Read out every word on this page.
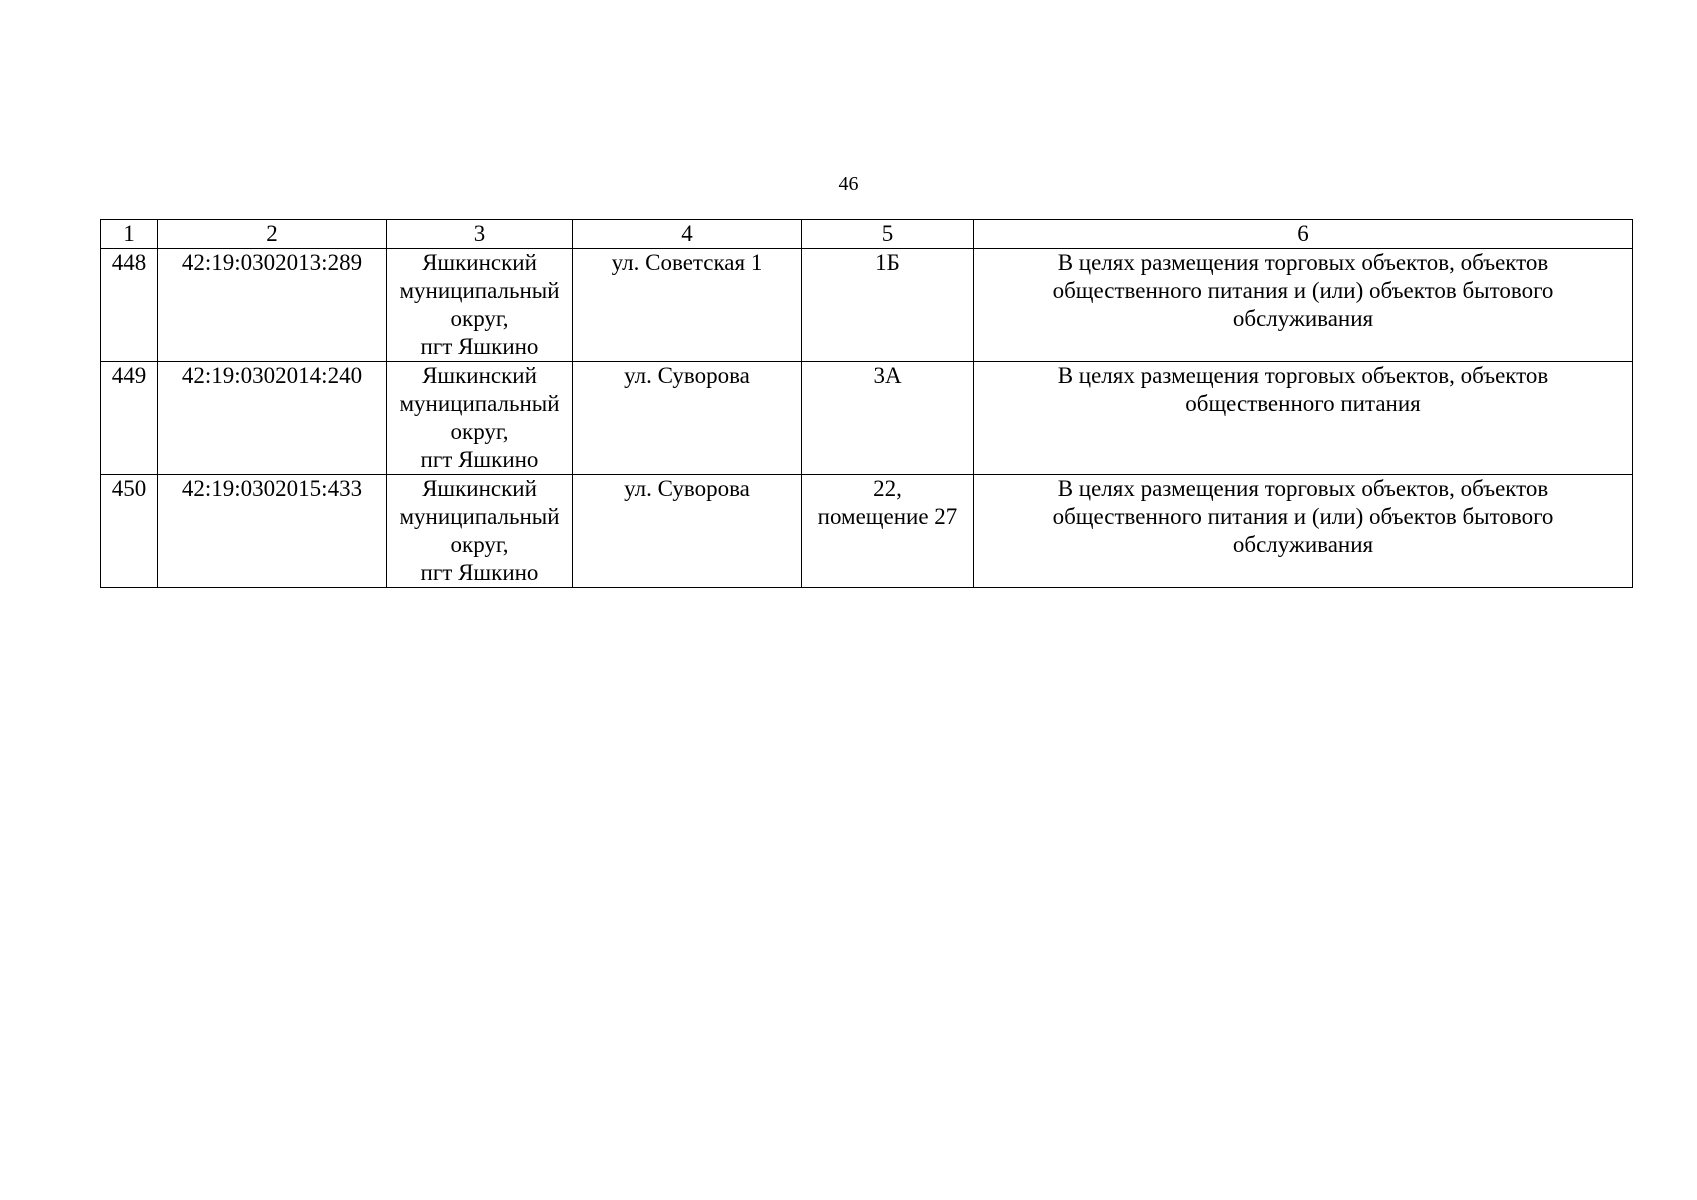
46
1	2	3	4	5	6
448	42:19:0302013:289	Яшкинский
муниципальный
округ,
пгт Яшкино	ул. Советская 1	1Б	В целях размещения торговых объектов, объектов
общественного питания и (или) объектов бытового
обслуживания
449	42:19:0302014:240	Яшкинский
муниципальный
округ,
пгт Яшкино	ул. Суворова	3А	В целях размещения торговых объектов, объектов
общественного питания
450	42:19:0302015:433	Яшкинский
муниципальный
округ,
пгт Яшкино	ул. Суворова	22,
помещение 27	В целях размещения торговых объектов, объектов
общественного питания и (или) объектов бытового
обслуживания
